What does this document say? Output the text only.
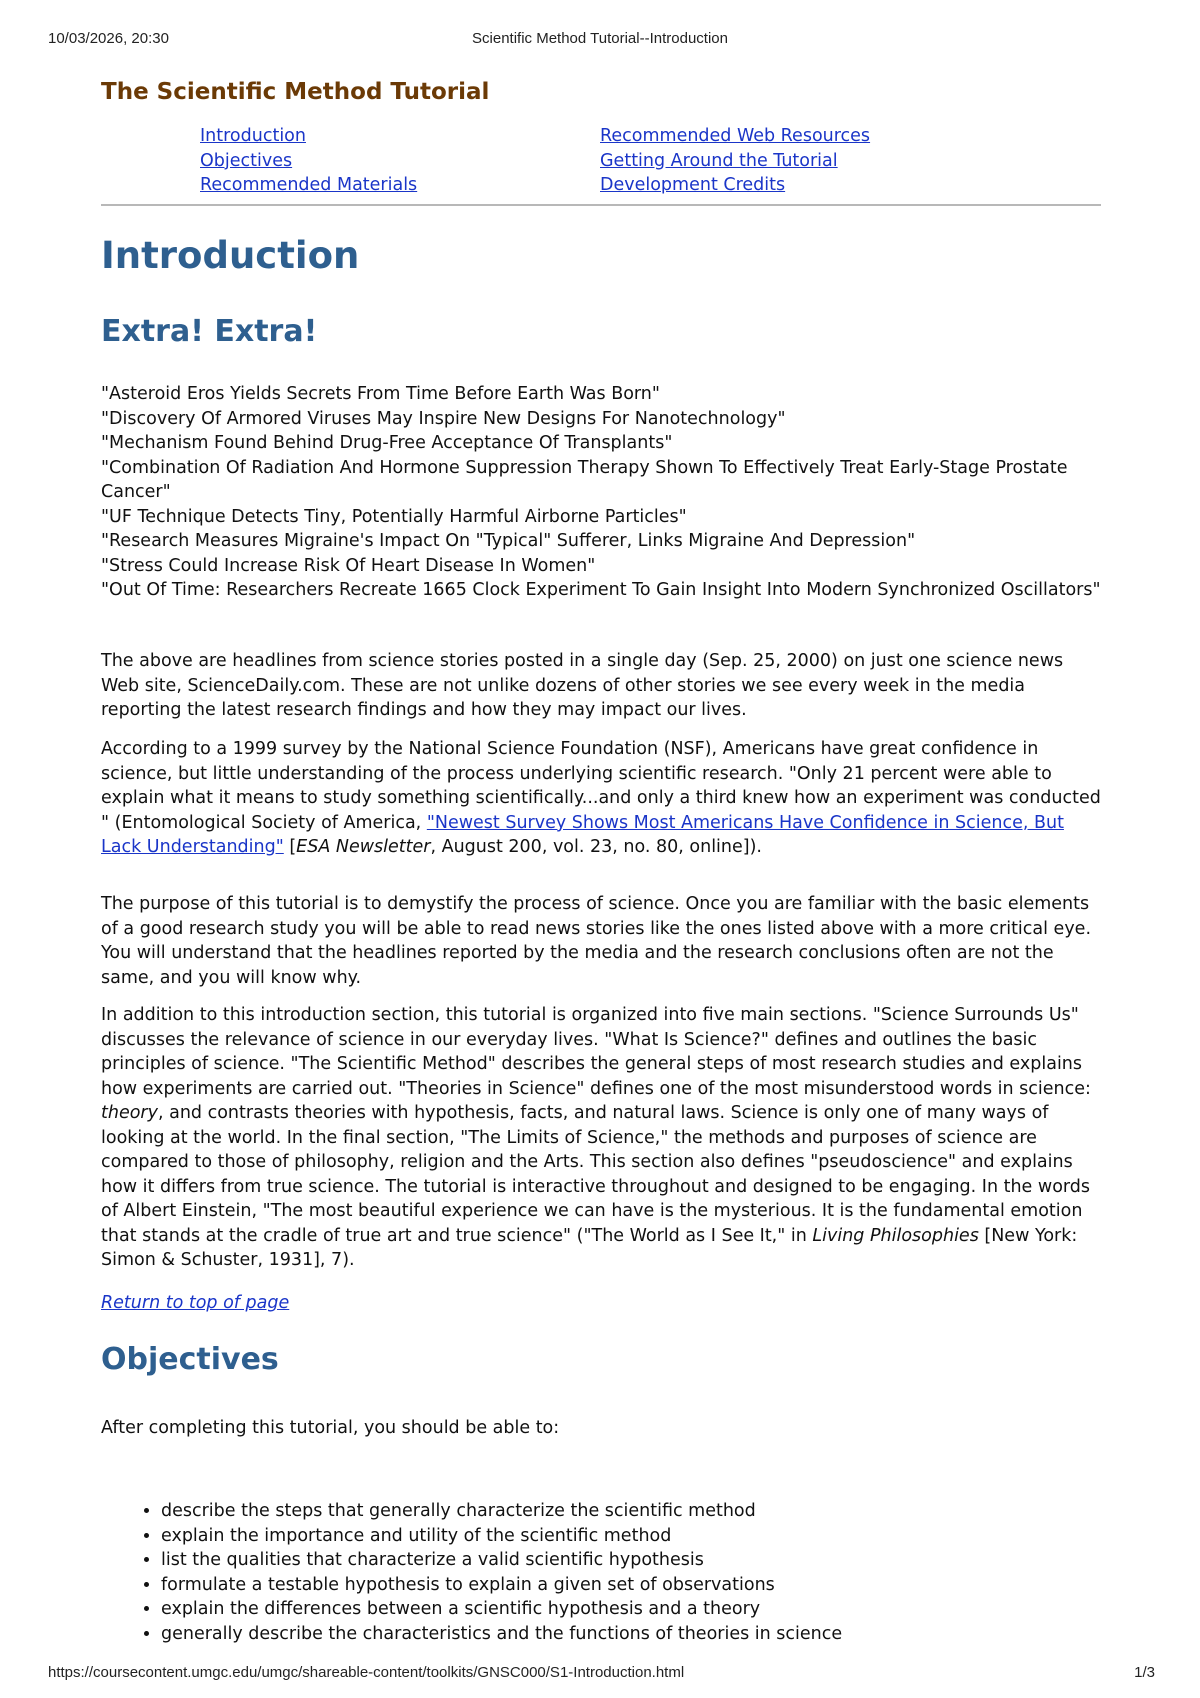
10/03/2026, 20:30	Scientific Method Tutorial--Introduction
The Scientific Method Tutorial
Introduction
Objectives
Recommended Materials
Recommended Web Resources
Getting Around the Tutorial
Development Credits
Introduction
Extra! Extra!
"Asteroid Eros Yields Secrets From Time Before Earth Was Born"
"Discovery Of Armored Viruses May Inspire New Designs For Nanotechnology"
"Mechanism Found Behind Drug-Free Acceptance Of Transplants"
"Combination Of Radiation And Hormone Suppression Therapy Shown To Effectively Treat Early-Stage Prostate Cancer"
"UF Technique Detects Tiny, Potentially Harmful Airborne Particles"
"Research Measures Migraine's Impact On "Typical" Sufferer, Links Migraine And Depression"
"Stress Could Increase Risk Of Heart Disease In Women"
"Out Of Time: Researchers Recreate 1665 Clock Experiment To Gain Insight Into Modern Synchronized Oscillators"

The above are headlines from science stories posted in a single day (Sep. 25, 2000) on just one science news Web site, ScienceDaily.com. These are not unlike dozens of other stories we see every week in the media reporting the latest research findings and how they may impact our lives.

According to a 1999 survey by the National Science Foundation (NSF), Americans have great confidence in science, but little understanding of the process underlying scientific research. "Only 21 percent were able to explain what it means to study something scientifically...and only a third knew how an experiment was conducted " (Entomological Society of America, "Newest Survey Shows Most Americans Have Confidence in Science, But Lack Understanding" [ESA Newsletter, August 200, vol. 23, no. 80, online]).

The purpose of this tutorial is to demystify the process of science. Once you are familiar with the basic elements of a good research study you will be able to read news stories like the ones listed above with a more critical eye. You will understand that the headlines reported by the media and the research conclusions often are not the same, and you will know why.

In addition to this introduction section, this tutorial is organized into five main sections. "Science Surrounds Us" discusses the relevance of science in our everyday lives. "What Is Science?" defines and outlines the basic principles of science. "The Scientific Method" describes the general steps of most research studies and explains how experiments are carried out. "Theories in Science" defines one of the most misunderstood words in science: theory, and contrasts theories with hypothesis, facts, and natural laws. Science is only one of many ways of looking at the world. In the final section, "The Limits of Science," the methods and purposes of science are compared to those of philosophy, religion and the Arts. This section also defines "pseudoscience" and explains how it differs from true science. The tutorial is interactive throughout and designed to be engaging. In the words of Albert Einstein, "The most beautiful experience we can have is the mysterious. It is the fundamental emotion that stands at the cradle of true art and true science" ("The World as I See It," in Living Philosophies [New York: Simon & Schuster, 1931], 7).

Return to top of page
Objectives

After completing this tutorial, you should be able to:

• describe the steps that generally characterize the scientific method
• explain the importance and utility of the scientific method
• list the qualities that characterize a valid scientific hypothesis
• formulate a testable hypothesis to explain a given set of observations
• explain the differences between a scientific hypothesis and a theory
• generally describe the characteristics and the functions of theories in science
https://coursecontent.umgc.edu/umgc/shareable-content/toolkits/GNSC000/S1-Introduction.html	1/3
